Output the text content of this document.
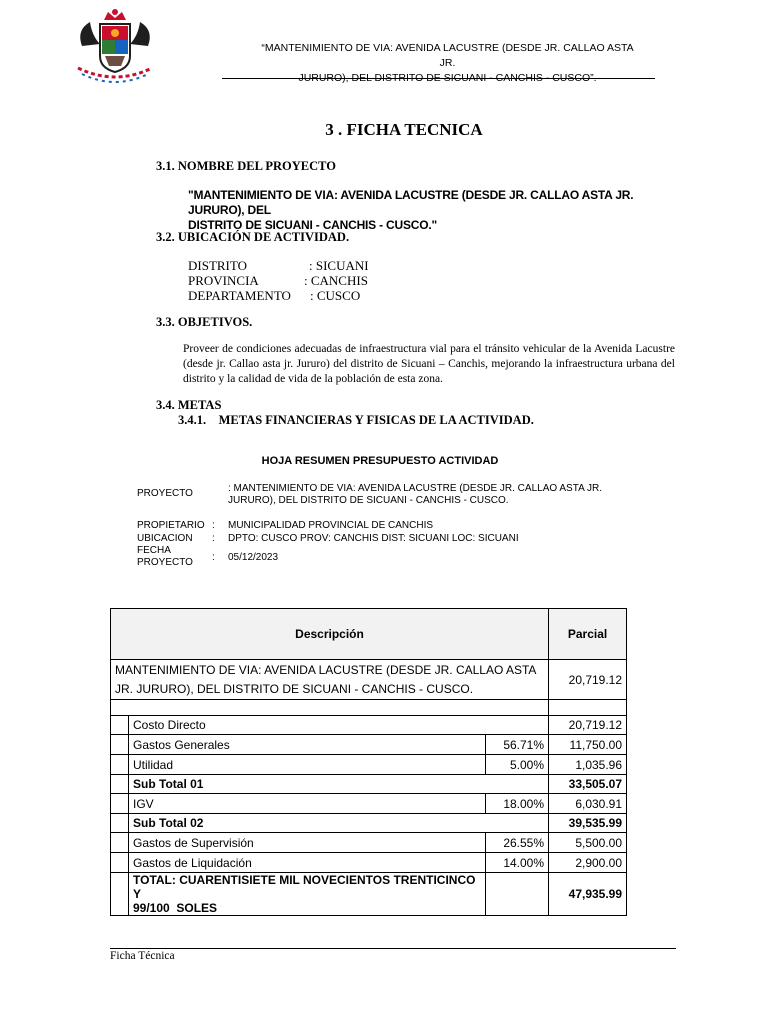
“MANTENIMIENTO DE VIA: AVENIDA LACUSTRE (DESDE JR. CALLAO ASTA JR.
JURURO), DEL DISTRITO DE SICUANI - CANCHIS - CUSCO”.
3 . FICHA TECNICA
3.1. NOMBRE DEL PROYECTO
"MANTENIMIENTO DE VIA: AVENIDA LACUSTRE (DESDE JR. CALLAO ASTA JR. JURURO), DEL
DISTRITO DE SICUANI - CANCHIS - CUSCO."
3.2. UBICACIÓN DE ACTIVIDAD.
DISTRITO	: SICUANI
PROVINCIA	: CANCHIS
DEPARTAMENTO : CUSCO
3.3. OBJETIVOS.
Proveer de condiciones adecuadas de infraestructura vial para el tránsito vehicular de la Avenida Lacustre (desde jr. Callao asta jr. Jururo) del distrito de Sicuani – Canchis, mejorando la infraestructura urbana del distrito y la calidad de vida de la población de esta zona.
3.4. METAS
3.4.1.    METAS FINANCIERAS Y FISICAS DE LA ACTIVIDAD.
HOJA RESUMEN PRESUPUESTO ACTIVIDAD
PROYECTO	: MANTENIMIENTO DE VIA: AVENIDA LACUSTRE (DESDE JR. CALLAO ASTA JR.
JURURO), DEL DISTRITO DE SICUANI - CANCHIS - CUSCO.
PROPIETARIO : MUNICIPALIDAD PROVINCIAL DE CANCHIS
UBICACION : DPTO: CUSCO PROV: CANCHIS DIST: SICUANI LOC: SICUANI
FECHA
PROYECTO : 05/12/2023
Descripción			Parcial

MANTENIMIENTO DE VIA: AVENIDA LACUSTRE (DESDE JR. CALLAO ASTA
JR. JURURO), DEL DISTRITO DE SICUANI - CANCHIS - CUSCO.			20,719.12

	Costo Directo		20,719.12
	Gastos Generales	56.71%	11,750.00
	Utilidad	5.00%	1,035.96
	Sub Total 01		33,505.07
	IGV	18.00%	6,030.91
	Sub Total 02		39,535.99
	Gastos de Supervisión	26.55%	5,500.00
	Gastos de Liquidación	14.00%	2,900.00

	TOTAL: CUARENTISIETE MIL NOVECIENTOS TRENTICINCO Y
99/100  SOLES		47,935.99
Ficha Técnica
